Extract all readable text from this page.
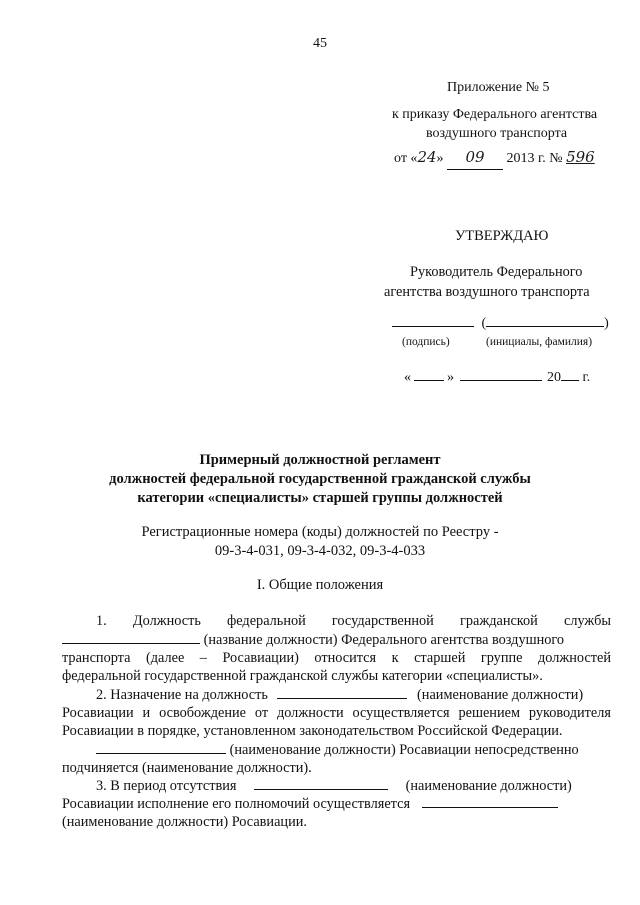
45
Приложение № 5
к приказу Федерального агентства
воздушного транспорта
от «24» 09 2013 г. № 596
УТВЕРЖДАЮ
Руководитель Федерального
агентства воздушного транспорта
(	)
(подпись)	(инициалы, фамилия)
«	»	20 г.
Примерный должностной регламент
должностей федеральной государственной гражданской службы
категории «специалисты» старшей группы должностей
Регистрационные номера (коды) должностей по Реестру -
09-3-4-031, 09-3-4-032, 09-3-4-033
I. Общие положения
1. Должность федеральной государственной гражданской службы
(название должности) Федерального агентства воздушного
транспорта (далее – Росавиации) относится к старшей группе должностей
федеральной государственной гражданской службы категории «специалисты».
2. Назначение на должность	(наименование должности)
Росавиации и освобождение от должности осуществляется решением руководителя
Росавиации в порядке, установленном законодательством Российской Федерации.
(наименование должности) Росавиации непосредственно
подчиняется (наименование должности).
3. В период отсутствия	(наименование должности)
Росавиации исполнение его полномочий осуществляется
(наименование должности) Росавиации.
